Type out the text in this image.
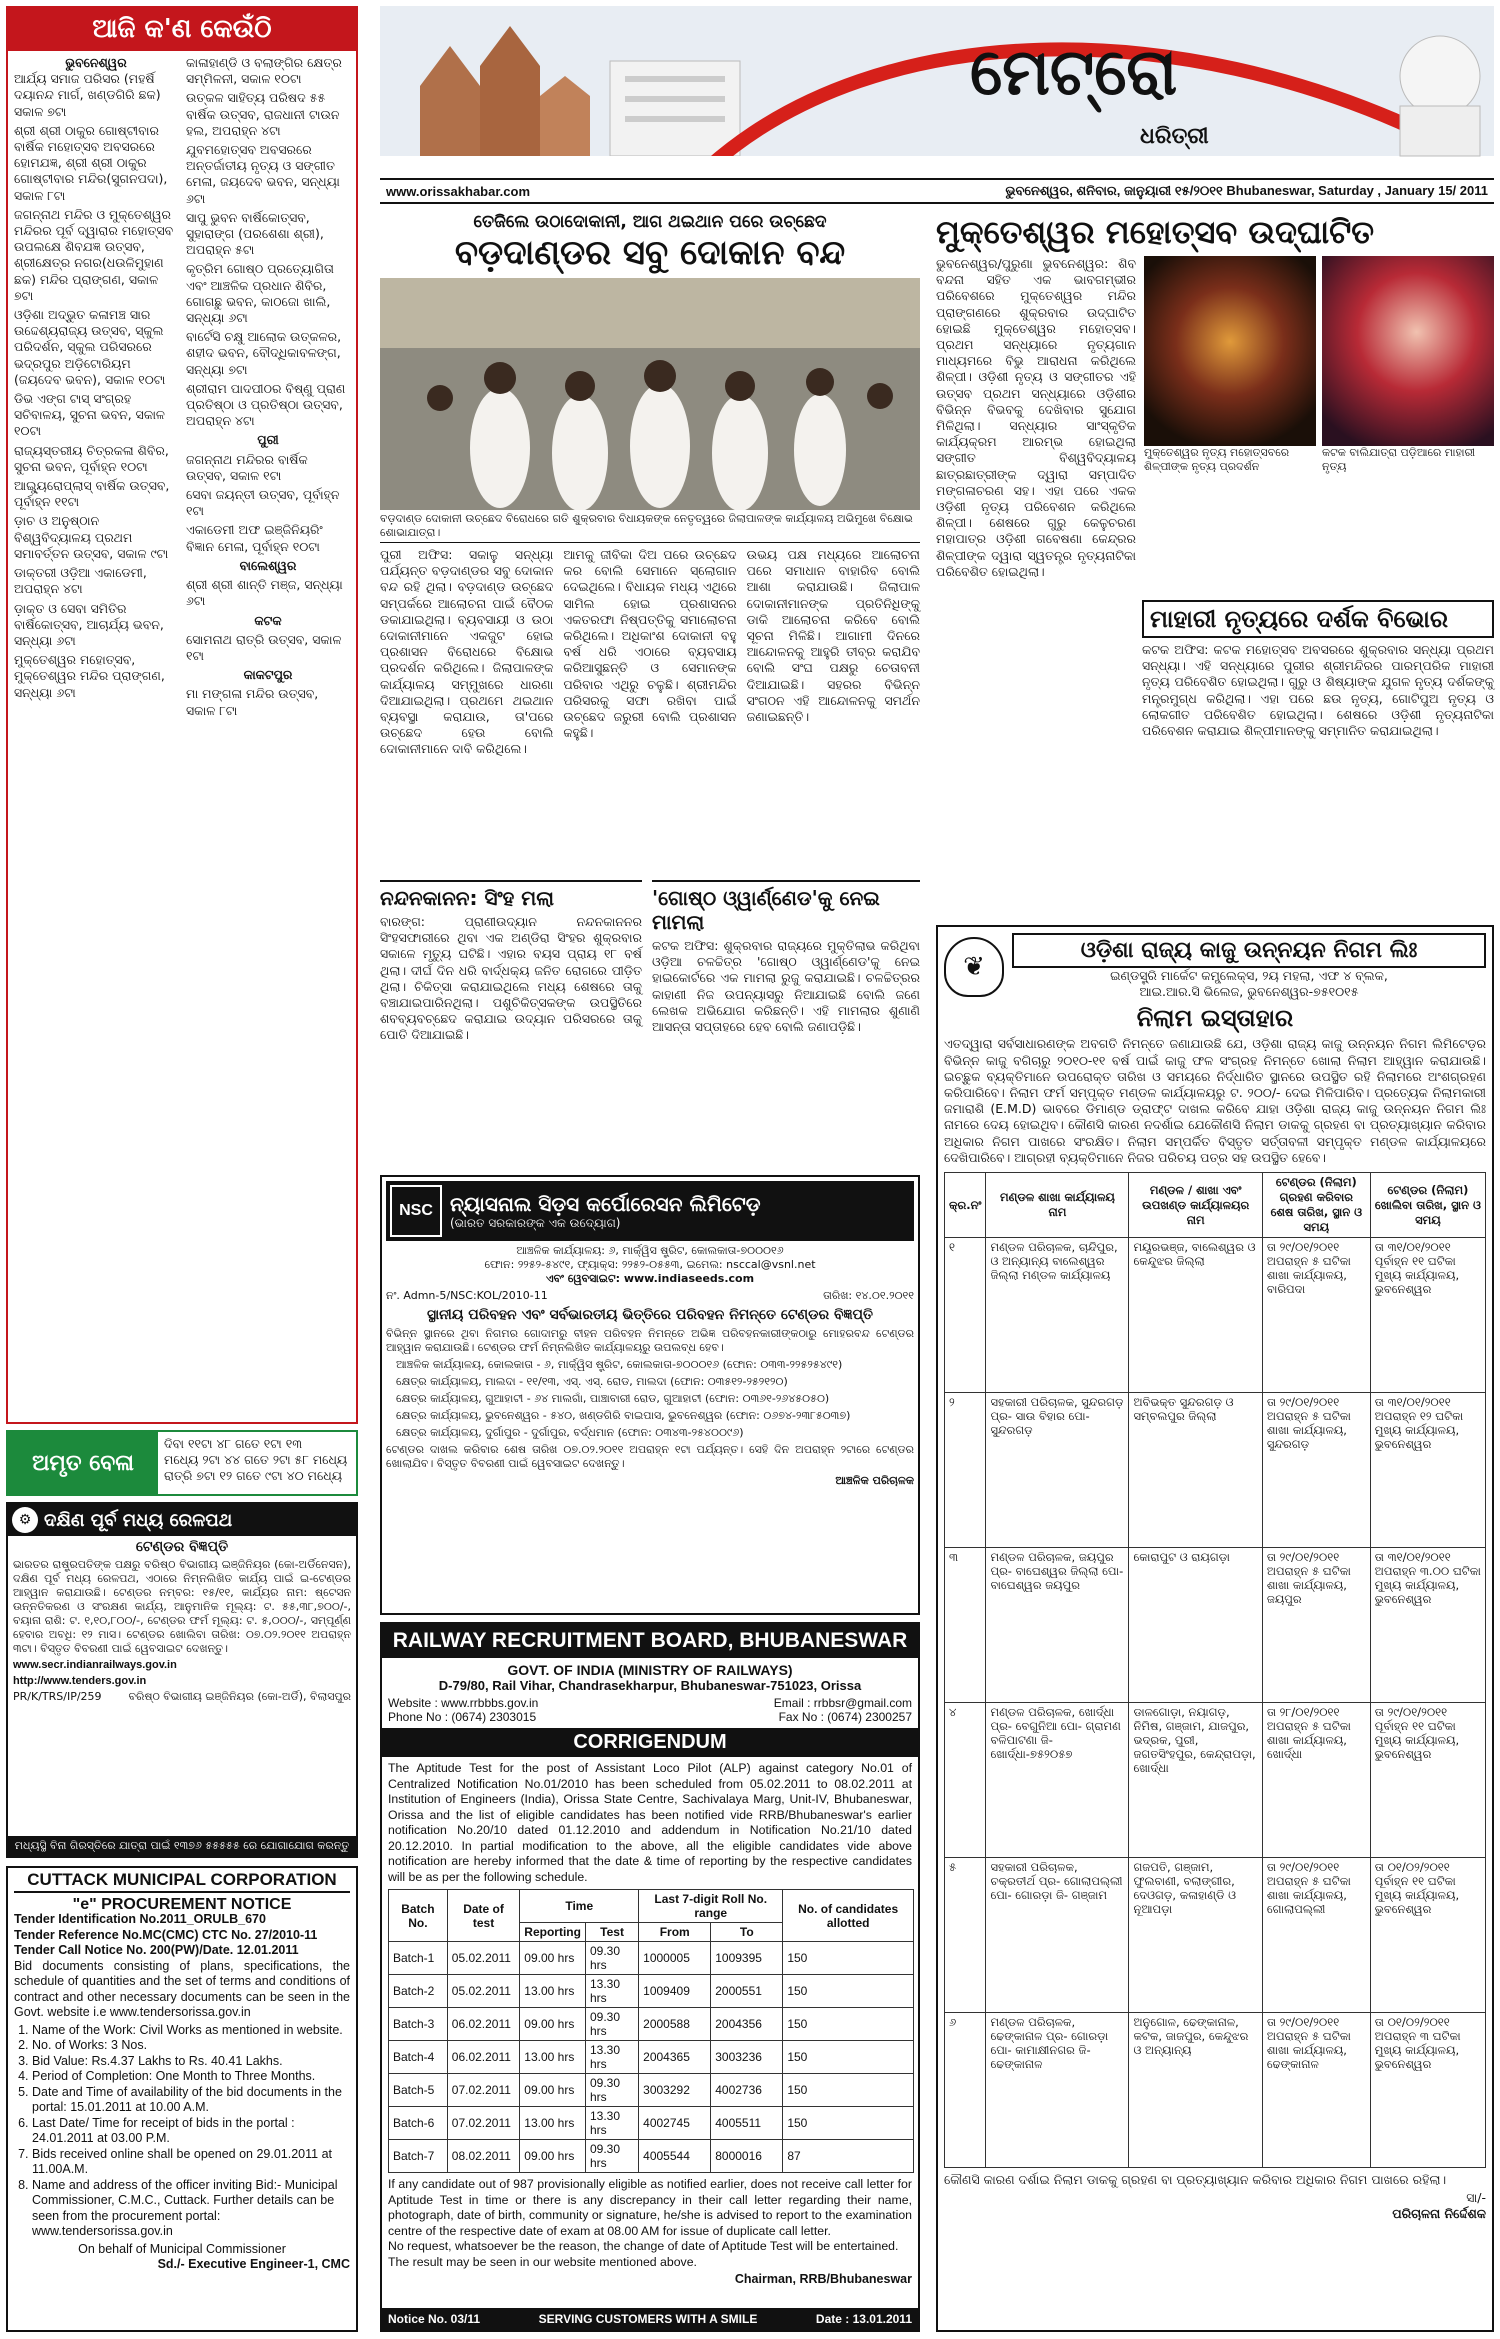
ଆଜି କ'ଣ କେଉଁଠି
ଭୁବନେଶ୍ୱର
ଆର୍ଯ୍ୟ ସମାଜ ପରିସର (ମହର୍ଷି ଦୟାନନ୍ଦ ମାର୍ଗ, ଖଣ୍ଡଗିରି ଛକ) ସକାଳ ୭ଟା
ଶ୍ରୀ ଶ୍ରୀ ଠାକୁର ଗୋଷ୍ଟୀବାର ବାର୍ଷିକ ମହୋତ୍ସବ ଅବସରରେ ହୋମଯଜ୍ଞ, ଶ୍ରୀ ଶ୍ରୀ ଠାକୁର ଗୋଷ୍ଟୀବାର ମନ୍ଦିର(ସୁଗନପଦା), ସକାଳ ୮ଟା
ଜଗନ୍ନାଥ ମନ୍ଦିର ଓ ମୁକ୍ତେଶ୍ୱର ମନ୍ଦିରର ପୂର୍ବ ଦ୍ୱାରାର ମହୋତ୍ସବ ଉପଲକ୍ଷେ ଶିବଯଜ୍ଞ ଉତ୍ସବ, ଶ୍ରୀକ୍ଷେତ୍ର ନଗର(ଧଉଳିମୁହାଣ ଛକ) ମନ୍ଦିର ପ୍ରାଙ୍ଗଣ, ସକାଳ ୭ଟା
ଓଡ଼ିଶା ଅଦ୍ଭୁତ କଳାମଞ୍ଚ ସାର ଉଦ୍ଦେଶ୍ୟରାଜ୍ୟ ଉତ୍ସବ, ସ୍କୁଲ ପରିଦର୍ଶନ, ସ୍କୁଲ ପରିସରରେ ଭଦ୍ରପୁର ଅଡ଼ିଟୋରିୟମ (ଜୟଦେବ ଭବନ), ସକାଳ ୧୦ଟା
ଡିଭ ଏଙ୍ଗ ଟାସ୍ ସଂଗ୍ରହ ସଚିବାଳୟ, ସୁଚନା ଭବନ, ସକାଳ ୧୦ଟା
ରାଜ୍ୟସ୍ତରୀୟ ଚିତ୍ରକଳା ଶିବିର, ସୁଚନା ଭବନ, ପୂର୍ବାହ୍ନ ୧୦ଟା
ଆଇ୍ୟୁରୋପ୍ଲାସ୍ ବାର୍ଷିକ ଉତ୍ସବ, ପୂର୍ବାହ୍ନ ୧୧ଟା
ଡ଼ାଚ ଓ ଅନୁଷ୍ଠାନ ବିଶ୍ୱବିଦ୍ୟାଳୟ ପ୍ରଥମ ସମାବର୍ତ୍ତନ ଉତ୍ସବ, ସକାଳ ୯ଟା
ଡାକ୍ତରୀ ଓଡ଼ିଆ ଏକାଡେମୀ, ଅପରାହ୍ନ ୪ଟା
ଡ଼ାକ୍ତ ଓ ସେବା ସମିତିର ବାର୍ଷିକୋତ୍ସବ, ଆଚାର୍ଯ୍ୟ ଭବନ, ସନ୍ଧ୍ୟା ୬ଟା
ମୁକ୍ତେଶ୍ୱର ମହୋତ୍ସବ, ମୁକ୍ତେଶ୍ୱର ମନ୍ଦିର ପ୍ରାଙ୍ଗଣ, ସନ୍ଧ୍ୟା ୬ଟା
କାଳାହାଣ୍ଡି ଓ ବଲାଙ୍ଗିର କ୍ଷେତ୍ର ସମ୍ମିଳନୀ, ସକାଳ ୧୦ଟା
ଉତ୍କଳ ସାହିତ୍ୟ ପରିଷଦ ୫୫ ବାର୍ଷିକ ଉତ୍ସବ, ରାଜଧାନୀ ଟାଉନ ହଲ, ଅପରାହ୍ନ ୪ଟା
ଯୁବମହୋତ୍ସବ ଅବସରରେ ଅନ୍ତର୍ଜାତୀୟ ନୃତ୍ୟ ଓ ସଙ୍ଗୀତ ମେଳା, ଜୟଦେବ ଭବନ, ସନ୍ଧ୍ୟା ୬ଟା
ସାପୁ ଭୁବନ ବାର୍ଷିକୋତ୍ସବ, ସୁହାରାଙ୍ଗ (ପରଶେଶା ଶ୍ରୀ), ଅପରାହ୍ନ ୫ଟା
କୃତ୍ରିମ ଗୋଷ୍ଠ ପ୍ରତ୍ୟୋଗିତା ଏବଂ ଆଞ୍ଚଳିକ ପ୍ରଧାନ ଶିବିର, ଗୋଗଛୁ ଭବନ, କାଠଜୋ ଖାଲି, ସନ୍ଧ୍ୟା ୬ଟା
ବାର୍ଟେସି ଚକ୍ଷୁ ଆଲୋକ ଉତ୍କଳର, ଶହୀଦ ଭବନ, ବୌଦ୍ଧିକାବଳଙ୍ଗ, ସନ୍ଧ୍ୟା ୭ଟା
ଶ୍ରୀରାମ ପାଦପୀଠର ବିଷ୍ଣୁ ପ୍ରାଣ ପ୍ରତିଷ୍ଠା ଓ ପ୍ରତିଷ୍ଠା ଉତ୍ସବ, ଅପରାହ୍ନ ୪ଟା
ପୁରୀ
ଜଗନ୍ନାଥ ମନ୍ଦିରର ବାର୍ଷିକ ଉତ୍ସବ, ସକାଳ ୧ଟା
ସେବା ଜୟନ୍ତୀ ଉତ୍ସବ, ପୂର୍ବାହ୍ନ ୧ଟା
ଏକାଡେମୀ ଅଫ ଇଞ୍ଜିନିୟରିଂ ବିଜ୍ଞାନ ମେଳା, ପୂର୍ବାହ୍ନ ୧୦ଟା
ବାଲେଶ୍ୱର
ଶ୍ରୀ ଶ୍ରୀ ଶାନ୍ତି ମଞ୍ଜ, ସନ୍ଧ୍ୟା ୬ଟା
କଟକ
ସୋମନାଥ ରାତ୍ରି ଉତ୍ସବ, ସକାଳ ୧ଟା
କାକଟପୁର
ମା ମଙ୍ଗଳା ମନ୍ଦିର ଉତ୍ସବ, ସକାଳ ୮ଟା
ଅମୃତ ବେଳା
ଦିବା ୧୧ଟା ୪୮ ଗତେ ୧ଟା ୧୩
ମଧ୍ୟେ ୨ଟା ୪୪ ଗତେ ୨ଟା ୫୮ ମଧ୍ୟେ
ରାତ୍ରି ୭ଟା ୧୨ ଗତେ ୯ଟା ୪୦ ମଧ୍ୟେ
⚙ ଦକ୍ଷିଣ ପୂର୍ବ ମଧ୍ୟ ରେଳପଥ
ଟେଣ୍ଡର ବିଜ୍ଞପ୍ତି
ଭାରତର ରାଷ୍ଟ୍ରପତିଙ୍କ ପକ୍ଷରୁ ବରିଷ୍ଠ ବିଭାଗୀୟ ଇଞ୍ଜିନିୟର (କୋ-ଅର୍ଡିନେସନ), ଦକ୍ଷିଣ ପୂର୍ବ ମଧ୍ୟ ରେଳପଥ, ଏଠାରେ ନିମ୍ନଲିଖିତ କାର୍ଯ୍ୟ ପାଇଁ ଇ-ଟେଣ୍ଡର ଆହ୍ୱାନ କରାଯାଉଛି। ଟେଣ୍ଡର ନମ୍ବର: ୧୫/୧୧, କାର୍ଯ୍ୟର ନାମ: ଷ୍ଟେସନ ଉନ୍ନତିକରଣ ଓ ସଂରକ୍ଷଣ କାର୍ଯ୍ୟ, ଆନୁମାନିକ ମୂଲ୍ୟ: ଟ. ୫୫,୩୮,୭୦୦/-, ବୟାନା ରାଶି: ଟ. ୧,୧୦,୮୦୦/-, ଟେଣ୍ଡର ଫର୍ମ ମୂଲ୍ୟ: ଟ. ୫,୦୦୦/-, ସମ୍ପୂର୍ଣ୍ଣ ହେବାର ଅବଧି: ୧୨ ମାସ। ଟେଣ୍ଡର ଖୋଲିବା ତାରିଖ: ୦୭.୦୨.୨୦୧୧ ଅପରାହ୍ନ ୩ଟା। ବିସ୍ତୃତ ବିବରଣୀ ପାଇଁ ୱେବସାଇଟ ଦେଖନ୍ତୁ।
www.secr.indianrailways.gov.in
http://www.tenders.gov.in
PR/K/TRS/IP/259 ବରିଷ୍ଠ ବିଭାଗୀୟ ଇଞ୍ଜିନିୟର (କୋ-ଅର୍ଡି), ବିଲାସପୁର
ମଧ୍ୟସ୍ଥି ବିନା ଗିରସ୍ତିରେ ଯାତ୍ରା ପାଇଁ ୧୩୭୬ ୫୫୫୫୫ ରେ ଯୋଗାଯୋଗ କରନ୍ତୁ
CUTTACK MUNICIPAL CORPORATION
"e" PROCUREMENT NOTICE
Tender Identification No.2011_ORULB_670
Tender Reference No.MC(CMC) CTC No. 27/2010-11
Tender Call Notice No. 200(PW)/Date. 12.01.2011
Bid documents consisting of plans, specifications, the schedule of quantities and the set of terms and conditions of contract and other necessary documents can be seen in the Govt. website i.e www.tendersorissa.gov.in
1. Name of the Work: Civil Works as mentioned in website.
2. No. of Works: 3 Nos.
3. Bid Value: Rs.4.37 Lakhs to Rs. 40.41 Lakhs.
4. Period of Completion: One Month to Three Months.
5. Date and Time of availability of the bid documents in the portal: 15.01.2011 at 10.00 A.M.
6. Last Date/ Time for receipt of bids in the portal : 24.01.2011 at 03.00 P.M.
7. Bids received online shall be opened on 29.01.2011 at 11.00A.M.
8. Name and address of the officer inviting Bid:- Municipal Commissioner, C.M.C., Cuttack. Further details can be seen from the procurement portal: www.tendersorissa.gov.in
On behalf of Municipal Commissioner
Sd./- Executive Engineer-1, CMC
ମେଟ୍ରୋ
ଧରିତ୍ରୀ
www.orissakhabar.com	ଭୁବନେଶ୍ୱର, ଶନିବାର, ଜାନୁୟାରୀ ୧୫/୨୦୧୧ Bhubaneswar, Saturday , January 15/ 2011
ତେଜିଲେ ଉଠାଦୋକାନୀ, ଆଗ ଥଇଥାନ ପରେ ଉଚ୍ଛେଦ
ବଡ଼ଦାଣ୍ଡର ସବୁ ଦୋକାନ ବନ୍ଦ
ବଡ଼ଦାଣ୍ଡ ଦୋକାନୀ ଉଚ୍ଛେଦ ବିରୋଧରେ ଗତି ଶୁକ୍ରବାର ବିଧାୟକଙ୍କ ନେତୃତ୍ୱରେ ଜିଲାପାଳଙ୍କ କାର୍ଯ୍ୟାଳୟ ଅଭିମୁଖେ ବିକ୍ଷୋଭ ଶୋଭାଯାତ୍ରା।
ପୁରୀ ଅଫିସ: ସକାଳୁ ସନ୍ଧ୍ୟା ପର୍ଯ୍ୟନ୍ତ ବଡ଼ଦାଣ୍ଡର ସବୁ ଦୋକାନ ବନ୍ଦ ରହି ଥିଲା। ବଡ଼ଦାଣ୍ଡ ଉଚ୍ଛେଦ ସମ୍ପର୍କରେ ଆଲୋଚନା ପାଇଁ ବୈଠକ ଡକାଯାଇଥିଲା। ବ୍ୟବସାୟୀ ଓ ଉଠା ଦୋକାନୀମାନେ ଏକଜୁଟ ହୋଇ ପ୍ରଶାସନ ବିରୋଧରେ ବିକ୍ଷୋଭ ପ୍ରଦର୍ଶନ କରିଥିଲେ। ଜିଲାପାଳଙ୍କ କାର୍ଯ୍ୟାଳୟ ସମ୍ମୁଖରେ ଧାରଣା ଦିଆଯାଇଥିଲା। ପ୍ରଥମେ ଥଇଥାନ ବ୍ୟବସ୍ଥା କରାଯାଉ, ତା'ପରେ ଉଚ୍ଛେଦ ହେଉ ବୋଲି ଦୋକାନୀମାନେ ଦାବି କରିଥିଲେ।
ଆମକୁ ଜୀବିକା ଦିଅ ପରେ ଉଚ୍ଛେଦ କର ବୋଲି ସେମାନେ ସ୍ଲୋଗାନ ଦେଇଥିଲେ। ବିଧାୟକ ମଧ୍ୟ ଏଥିରେ ସାମିଲ ହୋଇ ପ୍ରଶାସନର ଏକତରଫା ନିଷ୍ପତ୍ତିକୁ ସମାଲୋଚନା କରିଥିଲେ। ଅଧିକାଂଶ ଦୋକାନୀ ବହୁ ବର୍ଷ ଧରି ଏଠାରେ ବ୍ୟବସାୟ କରିଆସୁଛନ୍ତି ଓ ସେମାନଙ୍କ ପରିବାର ଏଥିରୁ ଚଳୁଛି। ଶ୍ରୀମନ୍ଦିର ପରିସରକୁ ସଫା ରଖିବା ପାଇଁ ଉଚ୍ଛେଦ ଜରୁରୀ ବୋଲି ପ୍ରଶାସନ କହୁଛି।
ଉଭୟ ପକ୍ଷ ମଧ୍ୟରେ ଆଲୋଚନା ପରେ ସମାଧାନ ବାହାରିବ ବୋଲି ଆଶା କରାଯାଉଛି। ଜିଲାପାଳ ଦୋକାନୀମାନଙ୍କ ପ୍ରତିନିଧିଙ୍କୁ ଡାକି ଆଲୋଚନା କରିବେ ବୋଲି ସୂଚନା ମିଳିଛି। ଆଗାମୀ ଦିନରେ ଆନ୍ଦୋଳନକୁ ଆହୁରି ତୀବ୍ର କରାଯିବ ବୋଲି ସଂଘ ପକ୍ଷରୁ ଚେତାବନୀ ଦିଆଯାଇଛି। ସହରର ବିଭିନ୍ନ ସଂଗଠନ ଏହି ଆନ୍ଦୋଳନକୁ ସମର୍ଥନ ଜଣାଇଛନ୍ତି।
ନନ୍ଦନକାନନ: ସିଂହ ମଲା
ବାରଙ୍ଗ: ପ୍ରାଣୀଉଦ୍ୟାନ ନନ୍ଦନକାନନର ସିଂହସଫାରୀରେ ଥିବା ଏକ ଅଣ୍ଡିରା ସିଂହର ଶୁକ୍ରବାର ସକାଳେ ମୃତ୍ୟୁ ଘଟିଛି। ଏହାର ବୟସ ପ୍ରାୟ ୧୮ ବର୍ଷ ଥିଲା। ଦୀର୍ଘ ଦିନ ଧରି ବାର୍ଦ୍ଧକ୍ୟ ଜନିତ ରୋଗରେ ପୀଡ଼ିତ ଥିଲା। ଚିକିତ୍ସା କରାଯାଇଥିଲେ ମଧ୍ୟ ଶେଷରେ ତାକୁ ବଞ୍ଚାଯାଇପାରିନଥିଲା। ପଶୁଚିକିତ୍ସକଙ୍କ ଉପସ୍ଥିତିରେ ଶବବ୍ୟବଚ୍ଛେଦ କରାଯାଇ ଉଦ୍ୟାନ ପରିସରରେ ତାକୁ ପୋତି ଦିଆଯାଇଛି।
'ଗୋଷ୍ଠ ଓ୍ୱାର୍ଣ୍ଣେଡ'କୁ ନେଇ ମାମଲା
କଟକ ଅଫିସ: ଶୁକ୍ରବାର ରାଜ୍ୟରେ ମୁକ୍ତିଲାଭ କରିଥିବା ଓଡ଼ିଆ ଚଳଚ୍ଚିତ୍ର 'ଗୋଷ୍ଠ ଓ୍ୱାର୍ଣ୍ଣେଡ'କୁ ନେଇ ହାଇକୋର୍ଟରେ ଏକ ମାମଲା ରୁଜୁ କରାଯାଇଛି। ଚଳଚ୍ଚିତ୍ରର କାହାଣୀ ନିଜ ଉପନ୍ୟାସରୁ ନିଆଯାଇଛି ବୋଲି ଜଣେ ଲେଖକ ଅଭିଯୋଗ କରିଛନ୍ତି। ଏହି ମାମଲାର ଶୁଣାଣି ଆସନ୍ତା ସପ୍ତାହରେ ହେବ ବୋଲି ଜଣାପଡ଼ିଛି।
NSC ନ୍ୟାସନାଲ ସିଡ଼ସ କର୍ପୋରେସନ ଲିମିଟେଡ଼
(ଭାରତ ସରକାରଙ୍କ ଏକ ଉଦ୍ୟୋଗ)
ଆଞ୍ଚଳିକ କାର୍ଯ୍ୟାଳୟ: ୬, ମାର୍କ୍ୱିସ ଷ୍ଟ୍ରିଟ, କୋଲକାତା-୭୦୦୦୧୬
ଫୋନ: ୨୨୫୨-୫୪୯୧, ଫ୍ୟାକ୍ସ: ୨୨୫୨-୦୫୫୩, ଇମେଲ: nsccal@vsnl.net
ଏବଂ ୱେବସାଇଟ: www.indiaseeds.com
ନଂ. Admn-5/NSC:KOL/2010-11	ତାରିଖ: ୧୪.୦୧.୨୦୧୧
ସ୍ଥାନୀୟ ପରିବହନ ଏବଂ ସର୍ବଭାରତୀୟ ଭିତ୍ତିରେ ପରିବହନ ନିମନ୍ତେ ଟେଣ୍ଡର ବିଜ୍ଞପ୍ତି
ବିଭିନ୍ନ ସ୍ଥାନରେ ଥିବା ନିଗମର ଗୋଦାମରୁ ବୀହନ ପରିବହନ ନିମନ୍ତେ ଅଭିଜ୍ଞ ପରିବହନକାରୀଙ୍କଠାରୁ ମୋହରବନ୍ଦ ଟେଣ୍ଡର ଆହ୍ୱାନ କରାଯାଉଛି। ଟେଣ୍ଡର ଫର୍ମ ନିମ୍ନଲିଖିତ କାର୍ଯ୍ୟାଳୟରୁ ଉପଲବ୍ଧ ହେବ।
ଆଞ୍ଚଳିକ କାର୍ଯ୍ୟାଳୟ, କୋଲକାତା - ୬, ମାର୍କ୍ୱିସ ଷ୍ଟ୍ରିଟ, କୋଲକାତା-୭୦୦୦୧୬ (ଫୋନ: ୦୩୩-୨୨୫୨୫୪୯୧)
କ୍ଷେତ୍ର କାର୍ଯ୍ୟାଳୟ, ମାଲଦା - ୧୧/୧୩, ଏସ୍. ଏସ୍. ରୋଡ, ମାଲଦା (ଫୋନ: ୦୩୫୧୨-୨୫୨୧୨୦)
କ୍ଷେତ୍ର କାର୍ଯ୍ୟାଳୟ, ଗୁଆହାଟୀ - ୬୪ ମାଲଗାଁ, ପାଞ୍ଚାବାରୀ ରୋଡ, ଗୁଆହାଟୀ (ଫୋନ: ୦୩୬୧-୨୬୪୫୦୫୦)
କ୍ଷେତ୍ର କାର୍ଯ୍ୟାଳୟ, ଭୁବନେଶ୍ୱର - ୫୪୦, ଖଣ୍ଡଗିରି ବାଇପାସ, ଭୁବନେଶ୍ୱର (ଫୋନ: ୦୬୭୪-୨୩୮୫୦୩୭)
କ୍ଷେତ୍ର କାର୍ଯ୍ୟାଳୟ, ଦୁର୍ଗାପୁର - ଦୁର୍ଗାପୁର, ବର୍ଦ୍ଧମାନ (ଫୋନ: ୦୩୪୩-୨୫୪୦୦୯୬)
ଟେଣ୍ଡର ଦାଖଲ କରିବାର ଶେଷ ତାରିଖ ୦୭.୦୨.୨୦୧୧ ଅପରାହ୍ନ ୧ଟା ପର୍ଯ୍ୟନ୍ତ। ସେହି ଦିନ ଅପରାହ୍ନ ୨ଟାରେ ଟେଣ୍ଡର ଖୋଲାଯିବ। ବିସ୍ତୃତ ବିବରଣୀ ପାଇଁ ୱେବସାଇଟ ଦେଖନ୍ତୁ।
ଆଞ୍ଚଳିକ ପରିଚାଳକ
RAILWAY RECRUITMENT BOARD, BHUBANESWAR
GOVT. OF INDIA (MINISTRY OF RAILWAYS)
D-79/80, Rail Vihar, Chandrasekharpur, Bhubaneswar-751023, Orissa
Website : www.rrbbbs.gov.in	Email : rrbbsr@gmail.com
Phone No : (0674) 2303015	Fax No : (0674) 2300257
CORRIGENDUM
The Aptitude Test for the post of Assistant Loco Pilot (ALP) against category No.01 of Centralized Notification No.01/2010 has been scheduled from 05.02.2011 to 08.02.2011 at Institution of Engineers (India), Orissa State Centre, Sachivalaya Marg, Unit-IV, Bhubaneswar, Orissa and the list of eligible candidates has been notified vide RRB/Bhubaneswar's earlier notification No.20/10 dated 01.12.2010 and addendum in Notification No.21/10 dated 20.12.2010. In partial modification to the above, all the eligible candidates vide above notification are hereby informed that the date & time of reporting by the respective candidates will be as per the following schedule.
Batch No.	Date of test	Time		Last 7-digit Roll No. range		No. of candidates allotted
		Reporting	Test	From	To	
Batch-1	05.02.2011	09.00 hrs	09.30 hrs	1000005	1009395	150
Batch-2	05.02.2011	13.00 hrs	13.30 hrs	1009409	2000551	150
Batch-3	06.02.2011	09.00 hrs	09.30 hrs	2000588	2004356	150
Batch-4	06.02.2011	13.00 hrs	13.30 hrs	2004365	3003236	150
Batch-5	07.02.2011	09.00 hrs	09.30 hrs	3003292	4002736	150
Batch-6	07.02.2011	13.00 hrs	13.30 hrs	4002745	4005511	150
Batch-7	08.02.2011	09.00 hrs	09.30 hrs	4005544	8000016	87
If any candidate out of 987 provisionally eligible as notified earlier, does not receive call letter for Aptitude Test in time or there is any discrepancy in their call letter regarding their name, photograph, date of birth, community or signature, he/she is advised to report to the examination centre of the respective date of exam at 08.00 AM for issue of duplicate call letter.
No request, whatsoever be the reason, the change of date of Aptitude Test will be entertained.
The result may be seen in our website mentioned above.
Chairman, RRB/Bhubaneswar
Notice No. 03/11	SERVING CUSTOMERS WITH A SMILE	Date : 13.01.2011
ମୁକ୍ତେଶ୍ୱର ମହୋତ୍ସବ ଉଦ୍‌ଘାଟିତ
ଭୁବନେଶ୍ୱର/ପୁରୁଣା ଭୁବନେଶ୍ୱର: ଶିବ ବନ୍ଦନା ସହିତ ଏକ ଭାବଗମ୍ଭୀର ପରିବେଶରେ ମୁକ୍ତେଶ୍ୱର ମନ୍ଦିର ପ୍ରାଙ୍ଗଣରେ ଶୁକ୍ରବାର ଉଦ୍‌ଘାଟିତ ହୋଇଛି ମୁକ୍ତେଶ୍ୱର ମହୋତ୍ସବ। ପ୍ରଥମ ସନ୍ଧ୍ୟାରେ ନୃତ୍ୟଗାନ ମାଧ୍ୟମରେ ବିଭୁ ଆରାଧନା କରିଥିଲେ ଶିଳ୍ପୀ। ଓଡ଼ିଶୀ ନୃତ୍ୟ ଓ ସଙ୍ଗୀତର ଏହି ଉତ୍ସବ ପ୍ରଥମ ସନ୍ଧ୍ୟାରେ ଓଡ଼ିଶୀର ବିଭିନ୍ନ ବିଭବକୁ ଦେଖିବାର ସୁଯୋଗ ମିଳିଥିଲା। ସନ୍ଧ୍ୟାର ସାଂସ୍କୃତିକ କାର୍ଯ୍ୟକ୍ରମ ଆରମ୍ଭ ହୋଇଥିଲା ସଙ୍ଗୀତ ବିଶ୍ୱବିଦ୍ୟାଳୟ ଛାତ୍ରଛାତ୍ରୀଙ୍କ ଦ୍ୱାରା ସମ୍ପାଦିତ ମଙ୍ଗଳାଚରଣ ସହ। ଏହା ପରେ ଏକକ ଓଡ଼ିଶୀ ନୃତ୍ୟ ପରିବେଶନ କରିଥିଲେ ଶିଳ୍ପୀ। ଶେଷରେ ଗୁରୁ କେଳୁଚରଣ ମହାପାତ୍ର ଓଡ଼ିଶୀ ଗବେଷଣା କେନ୍ଦ୍ରର ଶିଳ୍ପୀଙ୍କ ଦ୍ୱାରା ସ୍ୱତନ୍ତ୍ର ନୃତ୍ୟନାଟିକା ପରିବେଶିତ ହୋଇଥିଲା।
ମୁକ୍ତେଶ୍ୱର ନୃତ୍ୟ ମହୋତ୍ସବରେ ଶିଳ୍ପୀଙ୍କ ନୃତ୍ୟ ପ୍ରଦର୍ଶନ
କଟକ ବାଲିଯାତ୍ରା ପଡ଼ିଆରେ ମାହାରୀ ନୃତ୍ୟ
ମାହାରୀ ନୃତ୍ୟରେ ଦର୍ଶକ ବିଭୋର
କଟକ ଅଫିସ: କଟକ ମହୋତ୍ସବ ଅବସରରେ ଶୁକ୍ରବାର ସନ୍ଧ୍ୟା ପ୍ରଥମ ସନ୍ଧ୍ୟା। ଏହି ସନ୍ଧ୍ୟାରେ ପୁରୀର ଶ୍ରୀମନ୍ଦିରର ପାରମ୍ପରିକ ମାହାରୀ ନୃତ୍ୟ ପରିବେଶିତ ହୋଇଥିଲା। ଗୁରୁ ଓ ଶିଷ୍ୟାଙ୍କ ଯୁଗଳ ନୃତ୍ୟ ଦର୍ଶକଙ୍କୁ ମନ୍ତ୍ରମୁଗ୍ଧ କରିଥିଲା। ଏହା ପରେ ଛଉ ନୃତ୍ୟ, ଗୋଟିପୁଅ ନୃତ୍ୟ ଓ ଲୋକଗୀତ ପରିବେଶିତ ହୋଇଥିଲା। ଶେଷରେ ଓଡ଼ିଶୀ ନୃତ୍ୟନାଟିକା ପରିବେଶନ କରାଯାଇ ଶିଳ୍ପୀମାନଙ୍କୁ ସମ୍ମାନିତ କରାଯାଇଥିଲା।
❦
ଓଡ଼ିଶା ରାଜ୍ୟ କାଜୁ ଉନ୍ନୟନ ନିଗମ ଲିଃ
ଇଣ୍ଡସ୍ଟ୍ରି ମାର୍କେଟ କମ୍ପ୍ଲେକ୍ସ, ୨ୟ ମହଲା, ଏଫ ୪ ବ୍ଲକ,
ଆଇ.ଆର.ସି ଭିଲେଜ, ଭୁବନେଶ୍ୱର-୭୫୧୦୧୫
ନିଲାମ ଇସ୍ତାହାର
ଏତଦ୍ୱାରା ସର୍ବସାଧାରଣଙ୍କ ଅବଗତି ନିମନ୍ତେ ଜଣାଯାଉଛି ଯେ, ଓଡ଼ିଶା ରାଜ୍ୟ କାଜୁ ଉନ୍ନୟନ ନିଗମ ଲିମିଟେଡ଼ର ବିଭିନ୍ନ କାଜୁ ବଗିଚାରୁ ୨୦୧୦-୧୧ ବର୍ଷ ପାଇଁ କାଜୁ ଫଳ ସଂଗ୍ରହ ନିମନ୍ତେ ଖୋଲା ନିଲାମ ଆହ୍ୱାନ କରାଯାଉଛି। ଇଚ୍ଛୁକ ବ୍ୟକ୍ତିମାନେ ଉପରୋକ୍ତ ତାରିଖ ଓ ସମୟରେ ନିର୍ଦ୍ଧାରିତ ସ୍ଥାନରେ ଉପସ୍ଥିତ ରହି ନିଲାମରେ ଅଂଶଗ୍ରହଣ କରିପାରିବେ। ନିଲାମ ଫର୍ମ ସମ୍ପୃକ୍ତ ମଣ୍ଡଳ କାର୍ଯ୍ୟାଳୟରୁ ଟ. ୨୦୦/- ଦେଇ ମିଳିପାରିବ। ପ୍ରତ୍ୟେକ ନିଲାମକାରୀ ଜମାରାଶି (E.M.D) ଭାବରେ ଡିମାଣ୍ଡ ଡ୍ରାଫ୍ଟ ଦାଖଲ କରିବେ ଯାହା ଓଡ଼ିଶା ରାଜ୍ୟ କାଜୁ ଉନ୍ନୟନ ନିଗମ ଲିଃ ନାମରେ ଦେୟ ହୋଇଥିବ। କୌଣସି କାରଣ ନଦର୍ଶାଇ ଯେକୌଣସି ନିଲାମ ଡାକକୁ ଗ୍ରହଣ ବା ପ୍ରତ୍ୟାଖ୍ୟାନ କରିବାର ଅଧିକାର ନିଗମ ପାଖରେ ସଂରକ୍ଷିତ। ନିଲାମ ସମ୍ପର୍କିତ ବିସ୍ତୃତ ସର୍ତ୍ତାବଳୀ ସମ୍ପୃକ୍ତ ମଣ୍ଡଳ କାର୍ଯ୍ୟାଳୟରେ ଦେଖିପାରିବେ। ଆଗ୍ରହୀ ବ୍ୟକ୍ତିମାନେ ନିଜର ପରିଚୟ ପତ୍ର ସହ ଉପସ୍ଥିତ ହେବେ।
କ୍ର.ନଂ	ମଣ୍ଡଳ ଶାଖା କାର୍ଯ୍ୟାଳୟ ନାମ	ମଣ୍ଡଳ / ଶାଖା ଏବଂ ଉପଖଣ୍ଡ କାର୍ଯ୍ୟାଳୟର ନାମ	ଟେଣ୍ଡର (ନିଲାମ) ଗ୍ରହଣ କରିବାର ଶେଷ ତାରିଖ, ସ୍ଥାନ ଓ ସମୟ	ଟେଣ୍ଡର (ନିଲାମ) ଖୋଲିବା ତାରିଖ, ସ୍ଥାନ ଓ ସମୟ
୧	ମଣ୍ଡଳ ପରିଚାଳକ, ଚାନ୍ଦିପୁର, ଓ ଅନ୍ୟାନ୍ୟ ବାଲେଶ୍ୱର ଜିଲ୍ଲା ମଣ୍ଡଳ କାର୍ଯ୍ୟାଳୟ	ମୟୂରଭଞ୍ଜ, ବାଲେଶ୍ୱର ଓ କେନ୍ଦୁଝର ଜିଲ୍ଲା	ତା ୨୯/୦୧/୨୦୧୧ ଅପରାହ୍ନ ୫ ଘଟିକା ଶାଖା କାର୍ଯ୍ୟାଳୟ, ବାରିପଦା	ତା ୩୧/୦୧/୨୦୧୧ ପୂର୍ବାହ୍ନ ୧୧ ଘଟିକା ମୁଖ୍ୟ କାର୍ଯ୍ୟାଳୟ, ଭୁବନେଶ୍ୱର
୨	ସହକାରୀ ପରିଚାଳକ, ସୁନ୍ଦରଗଡ଼ ପ୍ର- ସାଉ ବିହାର ପୋ- ସୁନ୍ଦରଗଡ଼	ଅବିଭକ୍ତ ସୁନ୍ଦରଗଡ଼ ଓ ସମ୍ବଲପୁର ଜିଲ୍ଲା	ତା ୨୯/୦୧/୨୦୧୧ ଅପରାହ୍ନ ୫ ଘଟିକା ଶାଖା କାର୍ଯ୍ୟାଳୟ, ସୁନ୍ଦରଗଡ଼	ତା ୩୧/୦୧/୨୦୧୧ ଅପରାହ୍ନ ୧୨ ଘଟିକା ମୁଖ୍ୟ କାର୍ଯ୍ୟାଳୟ, ଭୁବନେଶ୍ୱର
୩	ମଣ୍ଡଳ ପରିଚାଳକ, ଜୟପୁର ପ୍ର- ବାଘେଶ୍ୱର ଜିଲ୍ଲା ପୋ- ବାଘେଶ୍ୱର ଜୟପୁର	କୋରାପୁଟ ଓ ରାୟଗଡ଼ା	ତା ୨୯/୦୧/୨୦୧୧ ଅପରାହ୍ନ ୫ ଘଟିକା ଶାଖା କାର୍ଯ୍ୟାଳୟ, ଜୟପୁର	ତା ୩୧/୦୧/୨୦୧୧ ଅପରାହ୍ନ ୩.୦୦ ଘଟିକା ମୁଖ୍ୟ କାର୍ଯ୍ୟାଳୟ, ଭୁବନେଶ୍ୱର
୪	ମଣ୍ଡଳ ପରିଚାଳକ, ଖୋର୍ଦ୍ଧା ପ୍ର- ବେଗୁନିଆ ପୋ- ଗ୍ରାମଣ ବଳିପାଟଣା ଜି- ଖୋର୍ଦ୍ଧା-୭୫୨୦୫୭	ଡାଳଗୋଡ଼ା, ନୟାଗଡ଼, ନିମିଷ, ଗଞ୍ଜାମ, ଯାଜପୁର, ଭଦ୍ରକ, ପୁରୀ, ଜଗତସିଂହପୁର, କେନ୍ଦ୍ରାପଡ଼ା, ଖୋର୍ଦ୍ଧା	ତା ୨୮/୦୧/୨୦୧୧ ଅପରାହ୍ନ ୫ ଘଟିକା ଶାଖା କାର୍ଯ୍ୟାଳୟ, ଖୋର୍ଦ୍ଧା	ତା ୨୯/୦୧/୨୦୧୧ ପୂର୍ବାହ୍ନ ୧୧ ଘଟିକା ମୁଖ୍ୟ କାର୍ଯ୍ୟାଳୟ, ଭୁବନେଶ୍ୱର
୫	ସହକାରୀ ପରିଚାଳକ, ଚକ୍ରତୀର୍ଥ ପ୍ର- ଗୋଲାପଲ୍ଲୀ ପୋ- ଗୋରଡ଼ା ଜି- ଗଞ୍ଜାମ	ଗଜପତି, ଗଞ୍ଜାମ, ଫୁଲବାଣୀ, ବଲାଙ୍ଗୀର, ଦେଓଗଡ଼, କଳାହାଣ୍ଡି ଓ ନୂଆପଡ଼ା	ତା ୨୯/୦୧/୨୦୧୧ ଅପରାହ୍ନ ୫ ଘଟିକା ଶାଖା କାର୍ଯ୍ୟାଳୟ, ଗୋଲାପଲ୍ଲୀ	ତା ୦୧/୦୨/୨୦୧୧ ପୂର୍ବାହ୍ନ ୧୧ ଘଟିକା ମୁଖ୍ୟ କାର୍ଯ୍ୟାଳୟ, ଭୁବନେଶ୍ୱର
୬	ମଣ୍ଡଳ ପରିଚାଳକ, ଢେଙ୍କାନାଳ ପ୍ର- ଗୋରଡ଼ା ପୋ- କାମାକ୍ଷୀନଗର ଜି- ଢେଙ୍କାନାଳ	ଅନୁଗୋଳ, ଢେଙ୍କାନାଳ, କଟକ, ଜାଜପୁର, କେନ୍ଦୁଝର ଓ ଅନ୍ୟାନ୍ୟ	ତା ୨୯/୦୧/୨୦୧୧ ଅପରାହ୍ନ ୫ ଘଟିକା ଶାଖା କାର୍ଯ୍ୟାଳୟ, ଢେଙ୍କାନାଳ	ତା ୦୧/୦୨/୨୦୧୧ ଅପରାହ୍ନ ୩ ଘଟିକା ମୁଖ୍ୟ କାର୍ଯ୍ୟାଳୟ, ଭୁବନେଶ୍ୱର
କୌଣସି କାରଣ ଦର୍ଶାଇ ନିଲାମ ଡାକକୁ ଗ୍ରହଣ ବା ପ୍ରତ୍ୟାଖ୍ୟାନ କରିବାର ଅଧିକାର ନିଗମ ପାଖରେ ରହିଲା।
ସା/-
ପରିଚାଳନା ନିର୍ଦ୍ଦେଶକ
